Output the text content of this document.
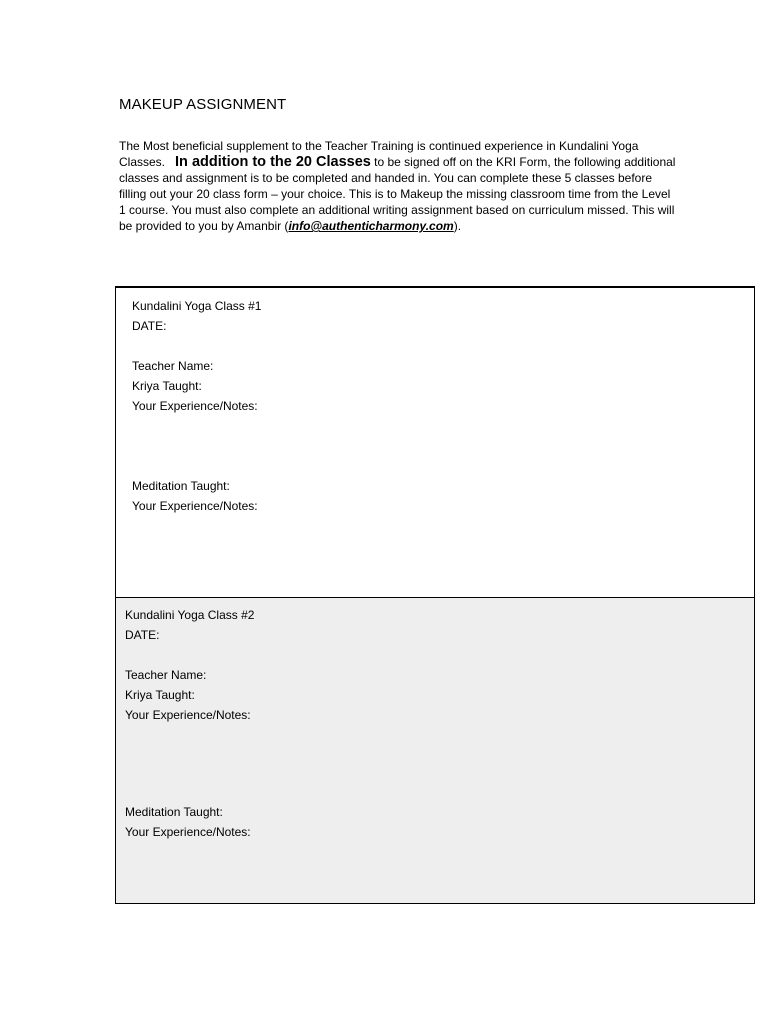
MAKEUP ASSIGNMENT
The Most beneficial supplement to the Teacher Training is continued experience in Kundalini Yoga Classes. In addition to the 20 Classes to be signed off on the KRI Form, the following additional classes and assignment is to be completed and handed in. You can complete these 5 classes before filling out your 20 class form – your choice. This is to Makeup the missing classroom time from the Level 1 course. You must also complete an additional writing assignment based on curriculum missed. This will be provided to you by Amanbir (info@authenticharmony.com).

Kundalini Yoga Class #1

DATE:

Teacher Name:

Kriya Taught:

Your Experience/Notes:

Meditation Taught:

Your Experience/Notes:

Kundalini Yoga Class #2

DATE:

Teacher Name:

Kriya Taught:

Your Experience/Notes:

Meditation Taught:

Your Experience/Notes:
